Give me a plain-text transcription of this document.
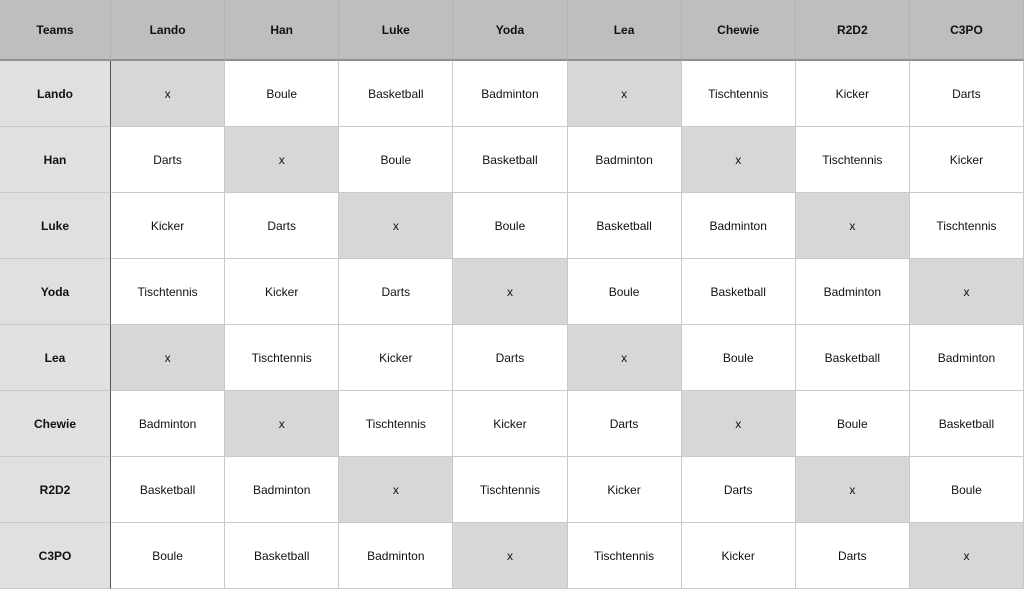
Teams	Lando	Han	Luke	Yoda	Lea	Chewie	R2D2	C3PO
Lando	x	Boule	Basketball	Badminton	x	Tischtennis	Kicker	Darts
Han	Darts	x	Boule	Basketball	Badminton	x	Tischtennis	Kicker
Luke	Kicker	Darts	x	Boule	Basketball	Badminton	x	Tischtennis
Yoda	Tischtennis	Kicker	Darts	x	Boule	Basketball	Badminton	x
Lea	x	Tischtennis	Kicker	Darts	x	Boule	Basketball	Badminton
Chewie	Badminton	x	Tischtennis	Kicker	Darts	x	Boule	Basketball
R2D2	Basketball	Badminton	x	Tischtennis	Kicker	Darts	x	Boule
C3PO	Boule	Basketball	Badminton	x	Tischtennis	Kicker	Darts	x
